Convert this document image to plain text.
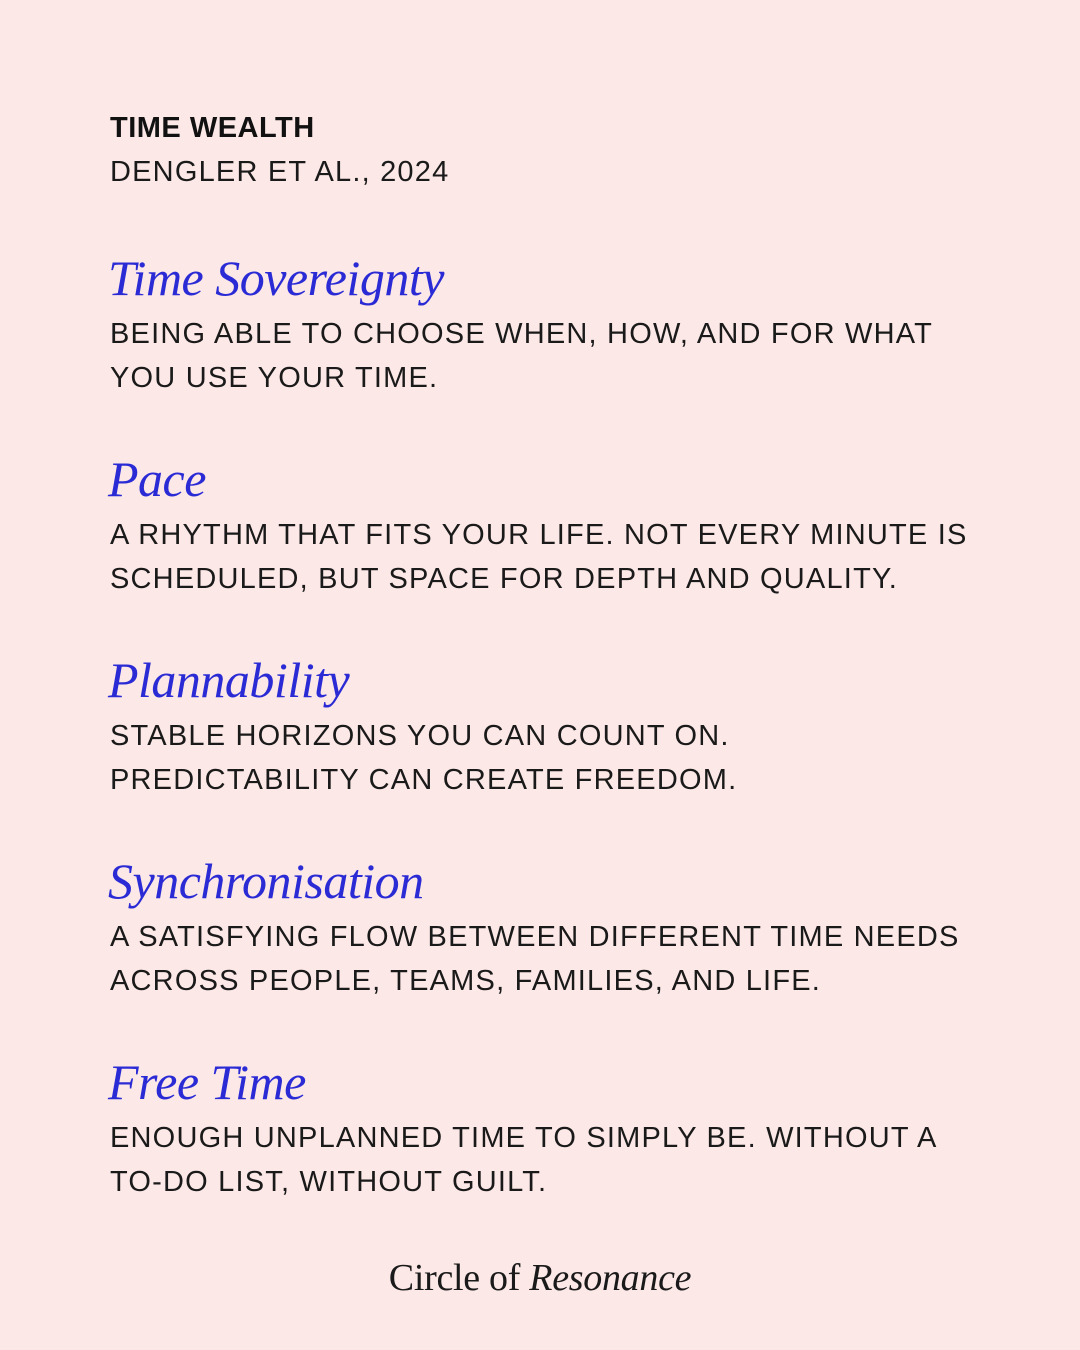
TIME WEALTH
DENGLER ET AL., 2024
Time Sovereignty
BEING ABLE TO CHOOSE WHEN, HOW, AND FOR WHAT YOU USE YOUR TIME.
Pace
A RHYTHM THAT FITS YOUR LIFE. NOT EVERY MINUTE IS SCHEDULED, BUT SPACE FOR DEPTH AND QUALITY.
Plannability
STABLE HORIZONS YOU CAN COUNT ON. PREDICTABILITY CAN CREATE FREEDOM.
Synchronisation
A SATISFYING FLOW BETWEEN DIFFERENT TIME NEEDS ACROSS PEOPLE, TEAMS, FAMILIES, AND LIFE.
Free Time
ENOUGH UNPLANNED TIME TO SIMPLY BE. WITHOUT A TO-DO LIST, WITHOUT GUILT.
Circle of Resonance
